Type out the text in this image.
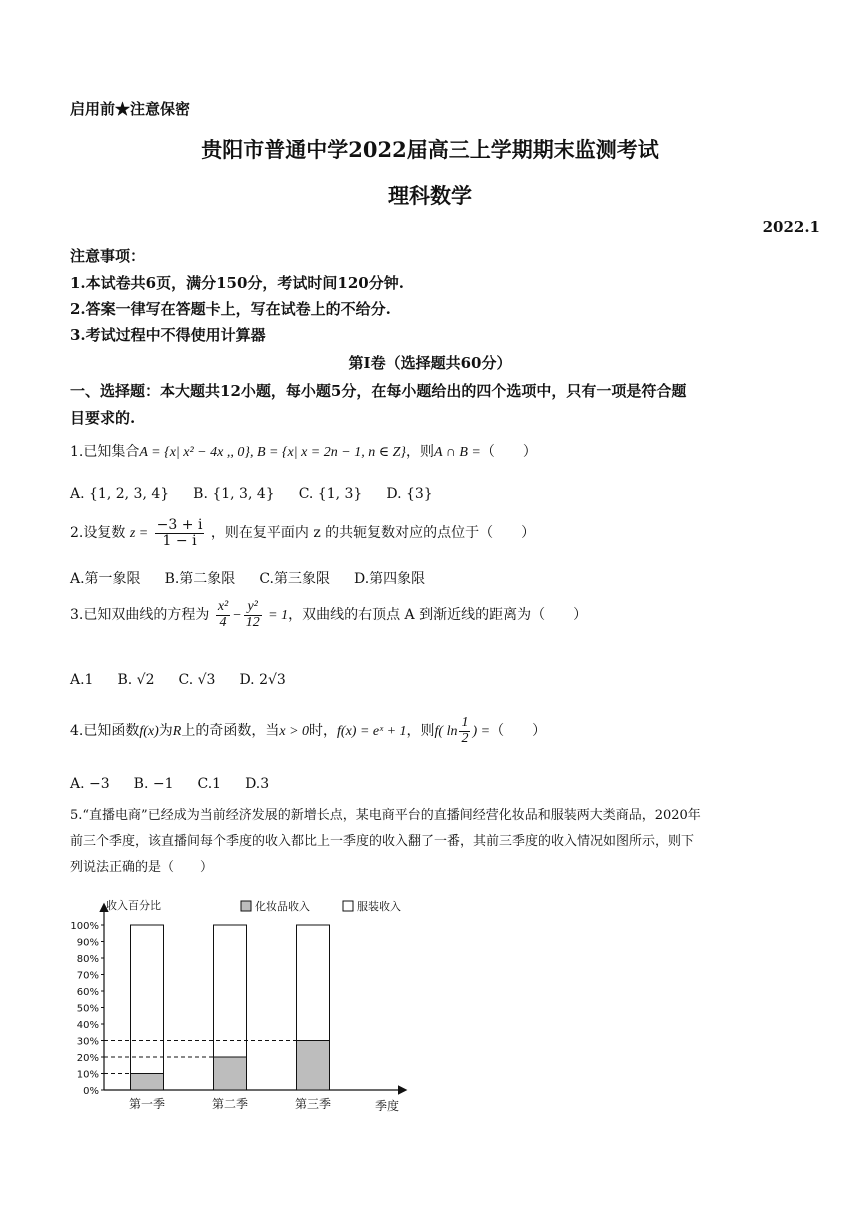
启用前★注意保密
贵阳市普通中学2022届高三上学期期末监测考试
理科数学
2022.1
注意事项：
1.本试卷共6页，满分150分，考试时间120分钟.
2.答案一律写在答题卡上，写在试卷上的不给分.
3.考试过程中不得使用计算器
第I卷（选择题共60分）
一、选择题：本大题共12小题，每小题5分，在每小题给出的四个选项中，只有一项是符合题
目要求的.
1.已知集合A = {x| x² − 4x ,, 0}, B = {x| x = 2n − 1, n ∈ Z}，则A ∩ B =（　　）
A. {1, 2, 3, 4} B. {1, 3, 4} C. {1, 3} D. {3}
2.设复数 $z = \frac{-3 + i}{1 - i}$ ，则在复平面内 z 的共轭复数对应的点位于（　　）
A.第一象限 B.第二象限 C.第三象限 D.第四象限
3.已知双曲线的方程为 $\frac{\text{x²}}{4} - \frac{\text{y²}}{12} = 1$，双曲线的右顶点 A 到渐近线的距离为（　　）
A.1 B. √2 C. √3 D. 2√3
4.已知函数f(x)为R上的奇函数，当x > 0时，f(x) = eˣ + 1，则f( $\ln \frac{1}{2}$ ) =（　　）
A. −3 B. −1 C.1 D.3
5.“直播电商”已经成为当前经济发展的新增长点，某电商平台的直播间经营化妆品和服装两大类商品，2020年
前三个季度，该直播间每个季度的收入都比上一季度的收入翻了一番，其前三季度的收入情况如图所示，则下
列说法正确的是（　　）
收入百分比
季度
0%
10%
20%
30%
40%
50%
60%
70%
80%
90%
100%
化妆品收入	服装收入
第一季	第二季	第三季
